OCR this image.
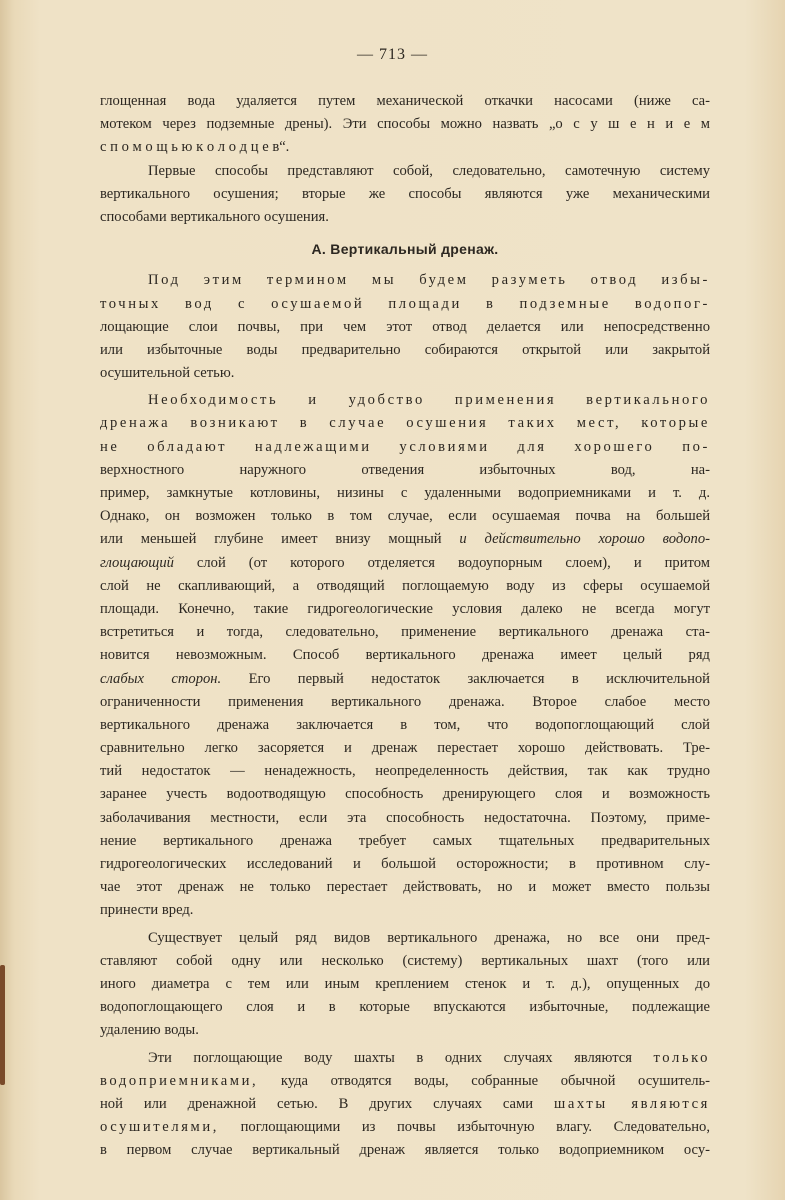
— 713 —
глощенная вода удаляется путем механической откачки насосами (ниже са-
мотеком через подземные дрены). Эти способы можно назвать „о с у ш е н и е м
с п о м о щ ь ю к о л о д ц е в“.
Первые способы представляют собой, следовательно, самотечную систему
вертикального осушения; вторые же способы являются уже механическими
способами вертикального осушения.
А. Вертикальный дренаж.
Под этим термином мы будем разуметь отвод избы-
точных вод с осушаемой площади в подземные водопог-
лощающие слои почвы, при чем этот отвод делается или непосредственно
или избыточные воды предварительно собираются открытой или закрытой
осушительной сетью.
Необходимость и удобство применения вертикального
дренажа возникают в случае осушения таких мест, которые
не обладают надлежащими условиями для хорошего по-
верхностного наружного отведения избыточных вод, на-
пример, замкнутые котловины, низины с удаленными водоприемниками и т. д.
Однако, он возможен только в том случае, если осушаемая почва на большей
или меньшей глубине имеет внизу мощный и действительно хорошо водопо-
глощающий слой (от которого отделяется водоупорным слоем), и притом
слой не скапливающий, а отводящий поглощаемую воду из сферы осушаемой
площади. Конечно, такие гидрогеологические условия далеко не всегда могут
встретиться и тогда, следовательно, применение вертикального дренажа ста-
новится невозможным. Способ вертикального дренажа имеет целый ряд
слабых сторон. Его первый недостаток заключается в исключительной
ограниченности применения вертикального дренажа. Второе слабое место
вертикального дренажа заключается в том, что водопоглощающий слой
сравнительно легко засоряется и дренаж перестает хорошо действовать. Тре-
тий недостаток — ненадежность, неопределенность действия, так как трудно
заранее учесть водоотводящую способность дренирующего слоя и возможность
заболачивания местности, если эта способность недостаточна. Поэтому, приме-
нение вертикального дренажа требует самых тщательных предварительных
гидрогеологических исследований и большой осторожности; в противном слу-
чае этот дренаж не только перестает действовать, но и может вместо пользы
принести вред.
Существует целый ряд видов вертикального дренажа, но все они пред-
ставляют собой одну или несколько (систему) вертикальных шахт (того или
иного диаметра с тем или иным креплением стенок и т. д.), опущенных до
водопоглощающего слоя и в которые впускаются избыточные, подлежащие
удалению воды.
Эти поглощающие воду шахты в одних случаях являются только
водоприемниками, куда отводятся воды, собранные обычной осушитель-
ной или дренажной сетью. В других случаях сами шахты являются
осушителями, поглощающими из почвы избыточную влагу. Следовательно,
в первом случае вертикальный дренаж является только водоприемником осу-
